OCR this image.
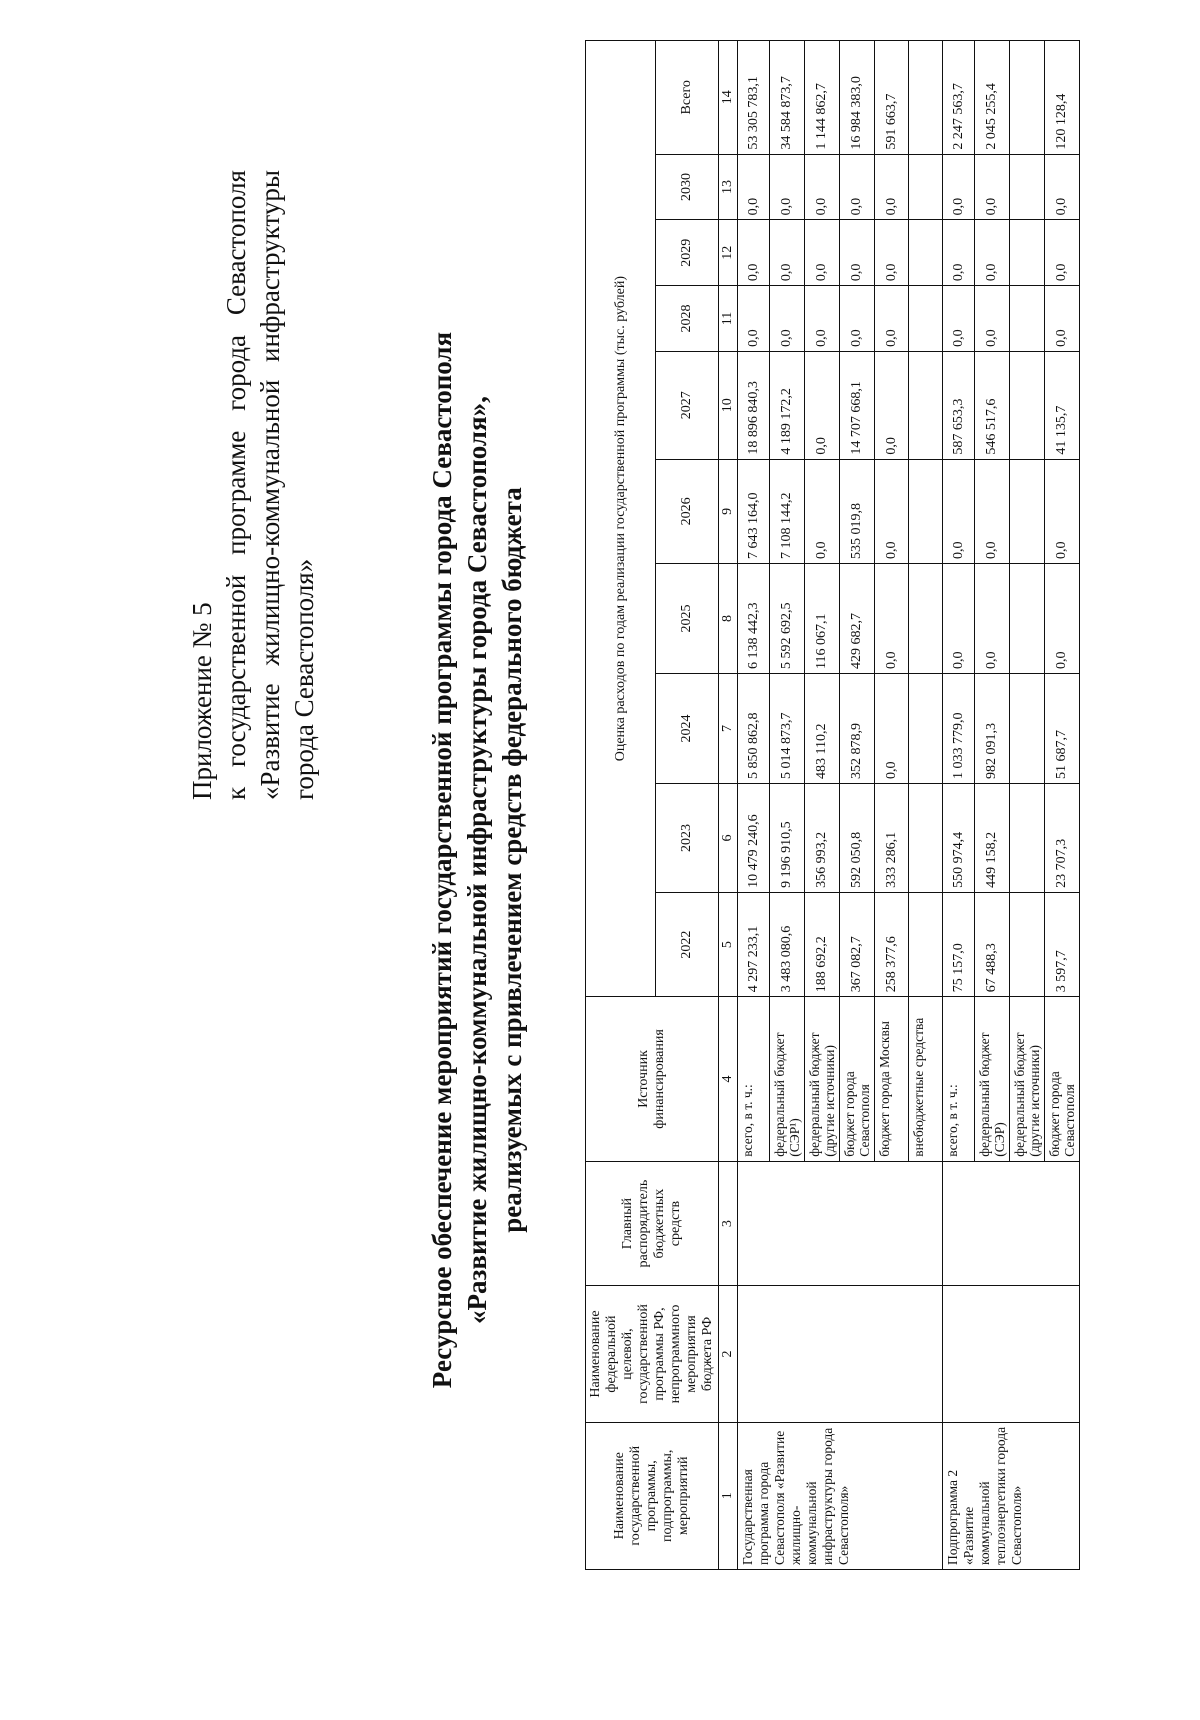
Приложение № 5 к
государственной
программе
города
Севастополя
«Развитие
жилищно-коммунальной
инфраструктуры
города Севастополя»	Ресурсное обеспечение мероприятий государственной программы города Севастополя «Развитие жилищно-коммунальной инфраструктуры города Севастополя», реализуемых с привлечением средств федерального бюджета
Наименование государственной программы, подпрограммы, мероприятий	Наименование федеральной целевой, государственной программы РФ, непрограммного мероприятия бюджета РФ	Главный распорядитель бюджетных средств	Источник финансирования	Оценка расходов по годам реализации государственной программы (тыс. рублей)									
				2022	2023	2024	2025	2026	2027	2028	2029	2030	Всего
1	2	3	4	5	6	7	8	9	10	11	12	13	14
Государственная программа города Севастополя «Развитие жилищно-коммунальной инфраструктуры города Севастополя»			всего, в т. ч.:	4 297 233,1	10 479 240,6	5 850 862,8	6 138 442,3	7 643 164,0	18 896 840,3	0,0	0,0	0,0	53 305 783,1
			федеральный бюджет (СЭР¹)	3 483 080,6	9 196 910,5	5 014 873,7	5 592 692,5	7 108 144,2	4 189 172,2	0,0	0,0	0,0	34 584 873,7
			федеральный бюджет (другие источники)	188 692,2	356 993,2	483 110,2	116 067,1	0,0	0,0	0,0	0,0	0,0	1 144 862,7
			бюджет города Севастополя	367 082,7	592 050,8	352 878,9	429 682,7	535 019,8	14 707 668,1	0,0	0,0	0,0	16 984 383,0
			бюджет города Москвы	258 377,6	333 286,1	0,0	0,0	0,0	0,0	0,0	0,0	0,0	591 663,7
			внебюджетные средства										
Подпрограмма 2 «Развитие коммунальной теплоэнергетики города Севастополя»			всего, в т. ч.:	75 157,0	550 974,4	1 033 779,0	0,0	0,0	587 653,3	0,0	0,0	0,0	2 247 563,7
			федеральный бюджет (СЭР)	67 488,3	449 158,2	982 091,3	0,0	0,0	546 517,6	0,0	0,0	0,0	2 045 255,4
			федеральный бюджет (другие источники)										
			бюджет города Севастополя	3 597,7	23 707,3	51 687,7	0,0	0,0	41 135,7	0,0	0,0	0,0	120 128,4
